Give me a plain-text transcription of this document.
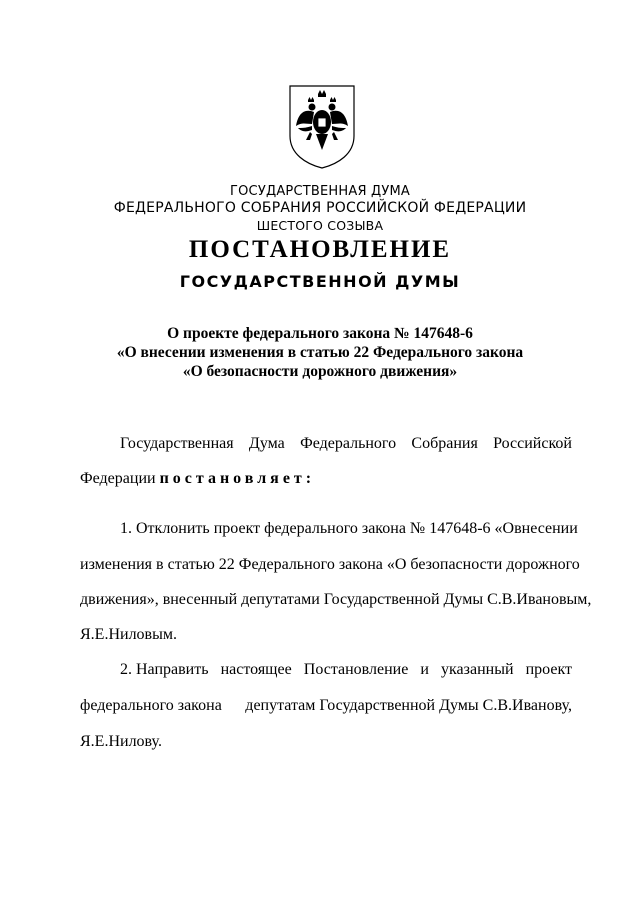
ГОСУДАРСТВЕННАЯ ДУМА
ФЕДЕРАЛЬНОГО СОБРАНИЯ РОССИЙСКОЙ ФЕДЕРАЦИИ
ШЕСТОГО СОЗЫВА
ПОСТАНОВЛЕНИЕ
ГОСУДАРСТВЕННОЙ ДУМЫ
О проекте федерального закона № 147648-6
«О внесении изменения в статью 22 Федерального закона
«О безопасности дорожного движения»
Государственная Дума Федерального Собрания Российской
Федерации постановляет:
1. Отклонить проект федерального закона № 147648-6 «О внесении
изменения в статью 22 Федерального закона «О безопасности дорожного
движения», внесенный депутатами Государственной Думы С.В.Ивановым,
Я.Е.Ниловым.
2. Направить настоящее Постановление и указанный проект
федерального закона депутатам Государственной Думы С.В.Иванову,
Я.Е.Нилову.
